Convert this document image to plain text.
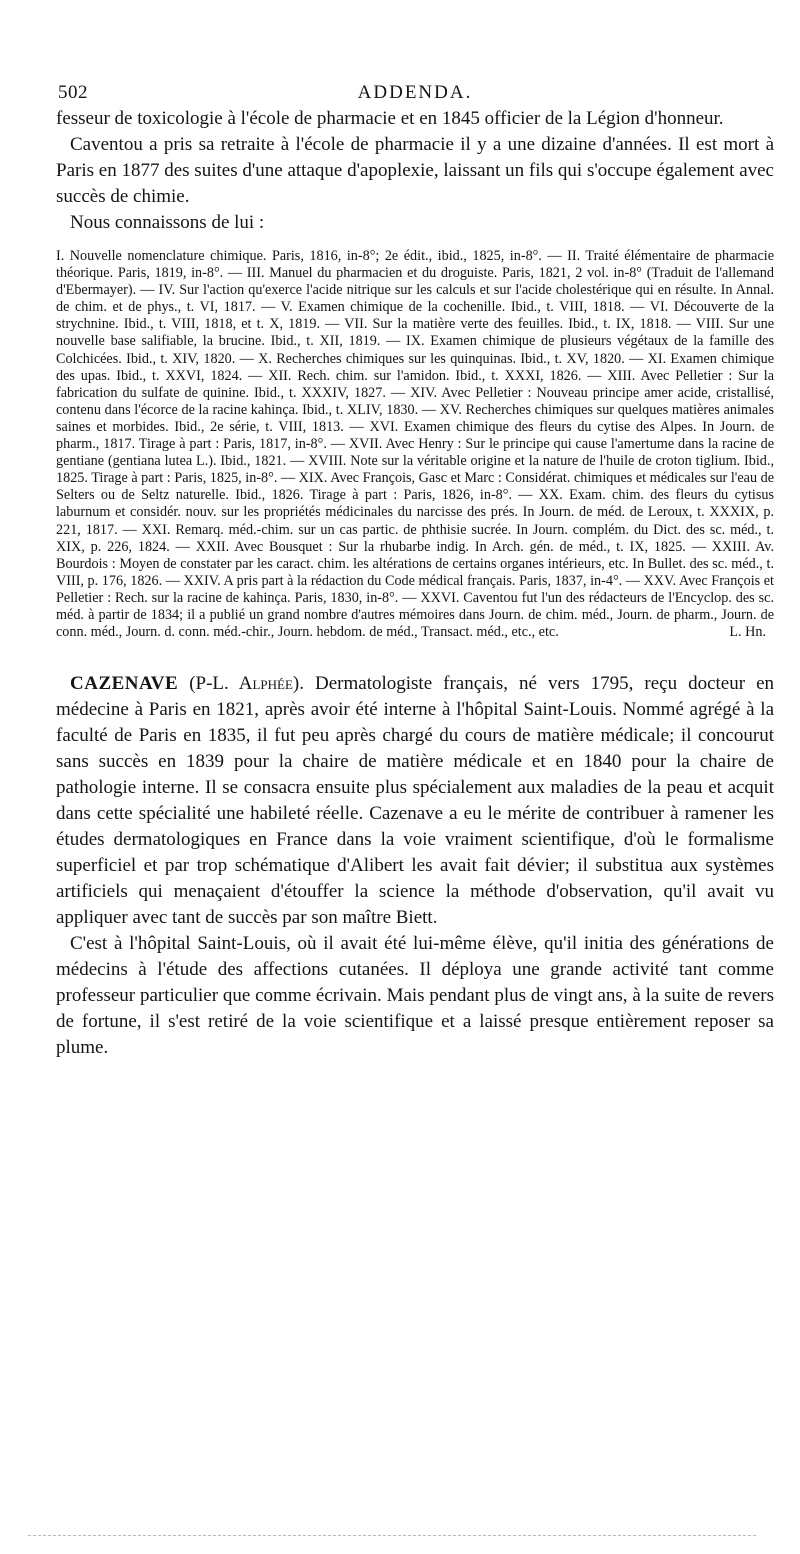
502	ADDENDA.

fesseur de toxicologie à l'école de pharmacie et en 1845 officier de la Légion d'honneur.

Caventou a pris sa retraite à l'école de pharmacie il y a une dizaine d'années. Il est mort à Paris en 1877 des suites d'une attaque d'apoplexie, laissant un fils qui s'occupe également avec succès de chimie.

Nous connaissons de lui :

I. Nouvelle nomenclature chimique. Paris, 1816, in-8°; 2e édit., ibid., 1825, in-8°. — II. Traité élémentaire de pharmacie théorique. Paris, 1819, in-8°. — III. Manuel du pharmacien et du droguiste. Paris, 1821, 2 vol. in-8° (Traduit de l'allemand d'Ebermayer). — IV. Sur l'action qu'exerce l'acide nitrique sur les calculs et sur l'acide cholestérique qui en résulte. In Annal. de chim. et de phys., t. VI, 1817. — V. Examen chimique de la cochenille. Ibid., t. VIII, 1818. — VI. Découverte de la strychnine. Ibid., t. VIII, 1818, et t. X, 1819. — VII. Sur la matière verte des feuilles. Ibid., t. IX, 1818. — VIII. Sur une nouvelle base salifiable, la brucine. Ibid., t. XII, 1819. — IX. Examen chimique de plusieurs végétaux de la famille des Colchicées. Ibid., t. XIV, 1820. — X. Recherches chimiques sur les quinquinas. Ibid., t. XV, 1820. — XI. Examen chimique des upas. Ibid., t. XXVI, 1824. — XII. Rech. chim. sur l'amidon. Ibid., t. XXXI, 1826. — XIII. Avec Pelletier : Sur la fabrication du sulfate de quinine. Ibid., t. XXXIV, 1827. — XIV. Avec Pelletier : Nouveau principe amer acide, cristallisé, contenu dans l'écorce de la racine kahinça. Ibid., t. XLIV, 1830. — XV. Recherches chimiques sur quelques matières animales saines et morbides. Ibid., 2e série, t. VIII, 1813. — XVI. Examen chimique des fleurs du cytise des Alpes. In Journ. de pharm., 1817. Tirage à part : Paris, 1817, in-8°. — XVII. Avec Henry : Sur le principe qui cause l'amertume dans la racine de gentiane (gentiana lutea L.). Ibid., 1821. — XVIII. Note sur la véritable origine et la nature de l'huile de croton tiglium. Ibid., 1825. Tirage à part : Paris, 1825, in-8°. — XIX. Avec François, Gasc et Marc : Considérat. chimiques et médicales sur l'eau de Selters ou de Seltz naturelle. Ibid., 1826. Tirage à part : Paris, 1826, in-8°. — XX. Exam. chim. des fleurs du cytisus laburnum et considér. nouv. sur les propriétés médicinales du narcisse des prés. In Journ. de méd. de Leroux, t. XXXIX, p. 221, 1817. — XXI. Remarq. méd.-chim. sur un cas partic. de phthisie sucrée. In Journ. complém. du Dict. des sc. méd., t. XIX, p. 226, 1824. — XXII. Avec Bousquet : Sur la rhubarbe indig. In Arch. gén. de méd., t. IX, 1825. — XXIII. Av. Bourdois : Moyen de constater par les caract. chim. les altérations de certains organes intérieurs, etc. In Bullet. des sc. méd., t. VIII, p. 176, 1826. — XXIV. A pris part à la rédaction du Code médical français. Paris, 1837, in-4°. — XXV. Avec François et Pelletier : Rech. sur la racine de kahinça. Paris, 1830, in-8°. — XXVI. Caventou fut l'un des rédacteurs de l'Encyclop. des sc. méd. à partir de 1834; il a publié un grand nombre d'autres mémoires dans Journ. de chim. méd., Journ. de pharm., Journ. de conn. méd., Journ. d. conn. méd.-chir., Journ. hebdom. de méd., Transact. méd., etc., etc.	L. Hn.

CAZENAVE (P-L. Alphée). Dermatologiste français, né vers 1795, reçu docteur en médecine à Paris en 1821, après avoir été interne à l'hôpital Saint-Louis. Nommé agrégé à la faculté de Paris en 1835, il fut peu après chargé du cours de matière médicale; il concourut sans succès en 1839 pour la chaire de matière médicale et en 1840 pour la chaire de pathologie interne. Il se consacra ensuite plus spécialement aux maladies de la peau et acquit dans cette spécialité une habileté réelle. Cazenave a eu le mérite de contribuer à ramener les études dermatologiques en France dans la voie vraiment scientifique, d'où le formalisme superficiel et par trop schématique d'Alibert les avait fait dévier; il substitua aux systèmes artificiels qui menaçaient d'étouffer la science la méthode d'observation, qu'il avait vu appliquer avec tant de succès par son maître Biett.

C'est à l'hôpital Saint-Louis, où il avait été lui-même élève, qu'il initia des générations de médecins à l'étude des affections cutanées. Il déploya une grande activité tant comme professeur particulier que comme écrivain. Mais pendant plus de vingt ans, à la suite de revers de fortune, il s'est retiré de la voie scientifique et a laissé presque entièrement reposer sa plume.
